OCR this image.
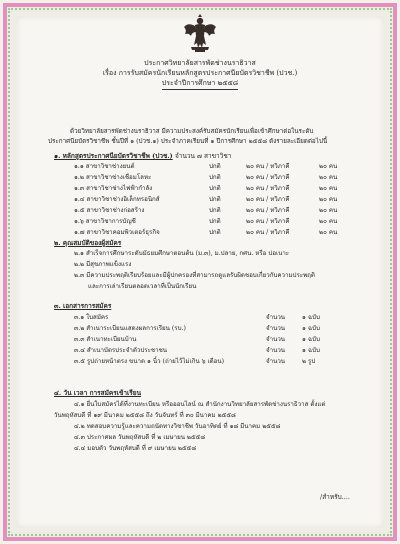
ประกาศวิทยาลัยสารพัดช่างนราธิวาส
เรื่อง การรับสมัครนักเรียนหลักสูตรประกาศนียบัตรวิชาชีพ (ปวช.)
ประจำปีการศึกษา ๒๕๕๘

ด้วยวิทยาลัยสารพัดช่างนราธิวาส มีความประสงค์รับสมัครนักเรียนเพื่อเข้าศึกษาต่อในระดับ

ประกาศนียบัตรวิชาชีพ ชั้นปีที่ ๑ (ปวช.๑) ประจำภาคเรียนที่ ๑ ปีการศึกษา ๒๕๕๘ ดังรายละเอียดต่อไปนี้

๑. หลักสูตรประกาศนียบัตรวิชาชีพ (ปวช.) จำนวน ๗ สาขาวิชา
๑.๑ สาขาวิชาช่างยนต์	ปกติ	๒๐ คน / ทวิภาคี	๒๐ คน
๑.๒ สาขาวิชาช่างเชื่อมโลหะ	ปกติ	๒๐ คน / ทวิภาคี	๒๐ คน
๑.๓ สาขาวิชาช่างไฟฟ้ากำลัง	ปกติ	๒๐ คน / ทวิภาคี	๒๐ คน
๑.๔ สาขาวิชาช่างอิเล็กทรอนิกส์	ปกติ	๒๐ คน / ทวิภาคี	๒๐ คน
๑.๕ สาขาวิชาช่างก่อสร้าง	ปกติ	๒๐ คน / ทวิภาคี	๒๐ คน
๑.๖ สาขาวิชาการบัญชี	ปกติ	๒๐ คน / ทวิภาคี	๒๐ คน
๑.๗ สาขาวิชาคอมพิวเตอร์ธุรกิจ	ปกติ	๒๐ คน / ทวิภาคี	๒๐ คน
๒. คุณสมบัติของผู้สมัคร
๒.๑ สำเร็จการศึกษาระดับมัธยมศึกษาตอนต้น (ม.๓), ม.ปลาย, กศน. หรือ ปอเนาะ
๒.๒ มีสุขภาพแข็งแรง
๒.๓ มีความประพฤติเรียบร้อยและมีผู้ปกครองที่สามารถดูแลรับผิดชอบเกี่ยวกับความประพฤติ
และการเล่าเรียนตลอดเวลาที่เป็นนักเรียน
๓. เอกสารการสมัคร
๓.๑ ใบสมัคร	จำนวน	๑ ฉบับ
๓.๒ สำเนาระเบียนแสดงผลการเรียน (รบ.)	จำนวน	๑ ฉบับ
๓.๓ สำเนาทะเบียนบ้าน	จำนวน	๑ ฉบับ
๓.๔ สำเนาบัตรประจำตัวประชาชน	จำนวน	๑ ฉบับ
๓.๕ รูปถ่ายหน้าตรง ขนาด ๑ นิ้ว (ถ่ายไว้ไม่เกิน ๖ เดือน)	จำนวน	๒ รูป
๔. วัน เวลา การสมัครเข้าเรียน
๔.๑ ยื่นใบสมัครได้ที่งานทะเบียน หรือออนไลน์ ณ สำนักงานวิทยาลัยสารพัดช่างนราธิวาส ตั้งแต่
วันพฤหัสบดี ที่ ๑๙ มีนาคม ๒๕๕๘ ถึง วันจันทร์ ที่ ๓๐ มีนาคม ๒๕๕๘
๔.๒ ทดสอบความรู้และความถนัดทางวิชาชีพ วันอาทิตย์ ที่ ๑๘ มีนาคม ๒๕๕๘
๔.๓ ประกาศผล วันพฤหัสบดี ที่ ๒ เมษายน ๒๕๕๘
๔.๔ มอบตัว วันพฤหัสบดี ที่ ๙ เมษายน ๒๕๕๘
/สำหรับ....
